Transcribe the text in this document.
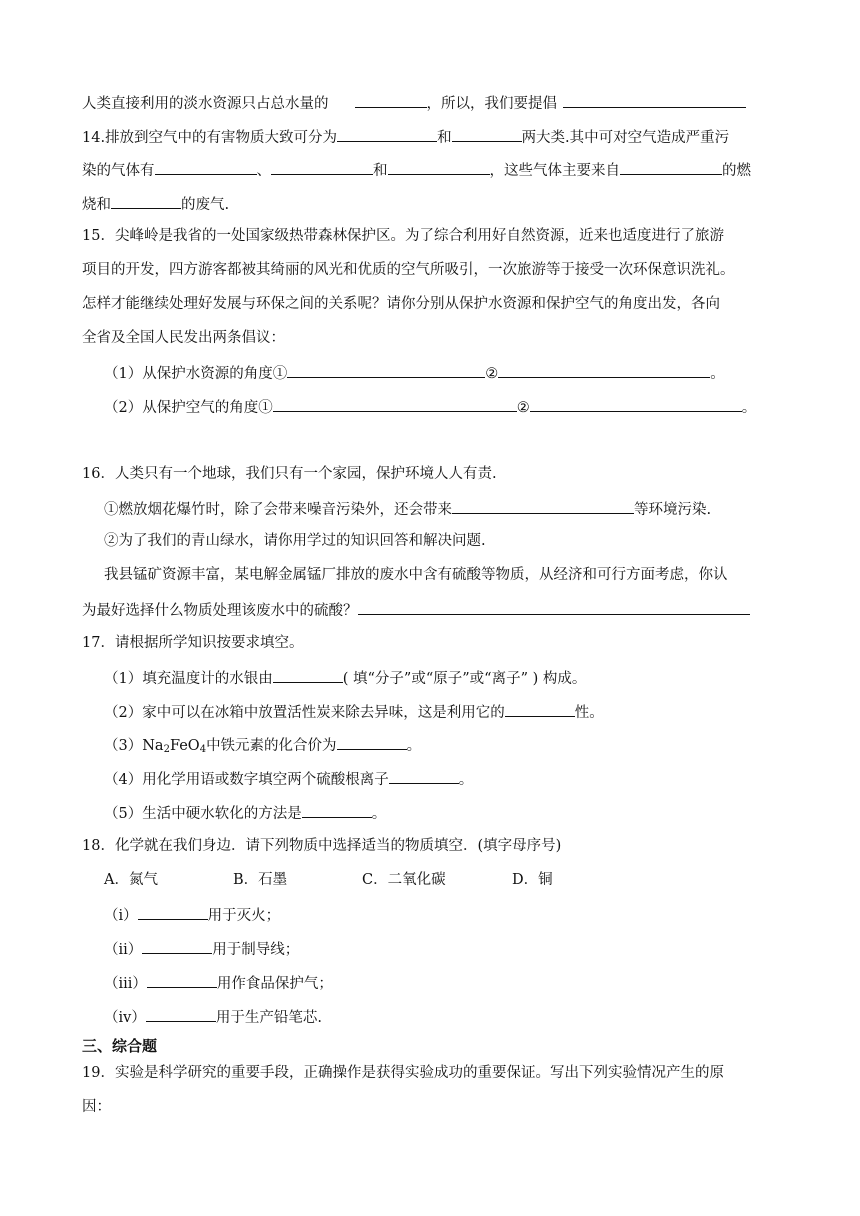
人类直接利用的淡水资源只占总水量的	，所以，我们要提倡
14.排放到空气中的有害物质大致可分为	和	两大类.其中可对空气造成严重污
染的气体有	、	和	，这些气体主要来自	的燃
烧和	的废气.
15．尖峰岭是我省的一处国家级热带森林保护区。为了综合利用好自然资源，近来也适度进行了旅游
项目的开发，四方游客都被其绮丽的风光和优质的空气所吸引，一次旅游等于接受一次环保意识洗礼。
怎样才能继续处理好发展与环保之间的关系呢？请你分别从保护水资源和保护空气的角度出发，各向
全省及全国人民发出两条倡议：
（1）从保护水资源的角度①	②	。
（2）从保护空气的角度①	②	。
16．人类只有一个地球，我们只有一个家园，保护环境人人有责.
①燃放烟花爆竹时，除了会带来噪音污染外，还会带来	等环境污染.
②为了我们的青山绿水，请你用学过的知识回答和解决问题.
我县锰矿资源丰富，某电解金属锰厂排放的废水中含有硫酸等物质，从经济和可行方面考虑，你认
为最好选择什么物质处理该废水中的硫酸？
17．请根据所学知识按要求填空。
（1）填充温度计的水银由	( 填“分子”或“原子”或“离子” ) 构成。
（2）家中可以在冰箱中放置活性炭来除去异味，这是利用它的	性。
$(3)Na_2FeO_4$中铁元素的化合价为	。
（4）用化学用语或数字填空两个硫酸根离子	。
（5）生活中硬水软化的方法是	。
18．化学就在我们身边．请下列物质中选择适当的物质填空．(填字母序号)
A．氮气	B．石墨	C．二氧化碳	D．铜
（i）	用于灭火；
（ii）	用于制导线；
（iii）	用作食品保护气；
（iv）	用于生产铅笔芯.
三、综合题
19．实验是科学研究的重要手段，正确操作是获得实验成功的重要保证。写出下列实验情况产生的原
因：
